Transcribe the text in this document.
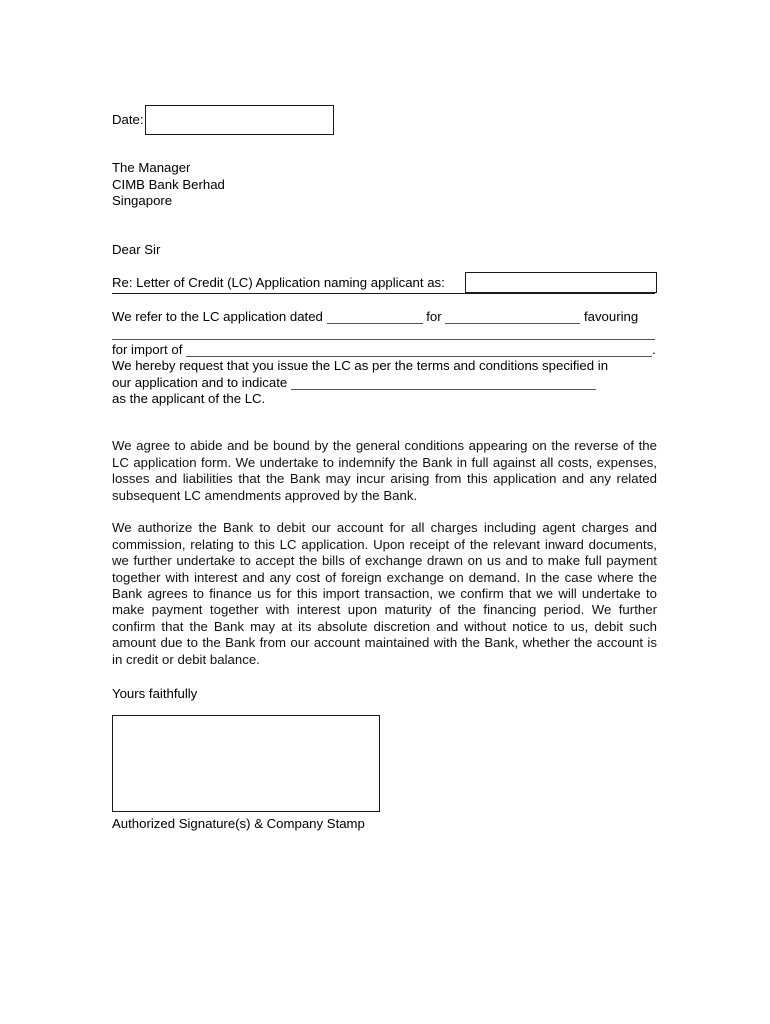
Date:
The Manager
CIMB Bank Berhad
Singapore
Dear Sir
Re: Letter of Credit (LC) Application naming applicant as:
We refer to the LC application dated	for	favouring
for import of	.
We hereby request that you issue the LC as per the terms and conditions specified in
our application and to indicate
as the applicant of the LC.

We agree to abide and be bound by the general conditions appearing on the reverse of the LC application form. We undertake to indemnify the Bank in full against all costs, expenses, losses and liabilities that the Bank may incur arising from this application and any related subsequent LC amendments approved by the Bank.

We authorize the Bank to debit our account for all charges including agent charges and commission, relating to this LC application. Upon receipt of the relevant inward documents, we further undertake to accept the bills of exchange drawn on us and to make full payment together with interest and any cost of foreign exchange on demand. In the case where the Bank agrees to finance us for this import transaction, we confirm that we will undertake to make payment together with interest upon maturity of the financing period. We further confirm that the Bank may at its absolute discretion and without notice to us, debit such amount due to the Bank from our account maintained with the Bank, whether the account is in credit or debit balance.

Yours faithfully
Authorized Signature(s) & Company Stamp
